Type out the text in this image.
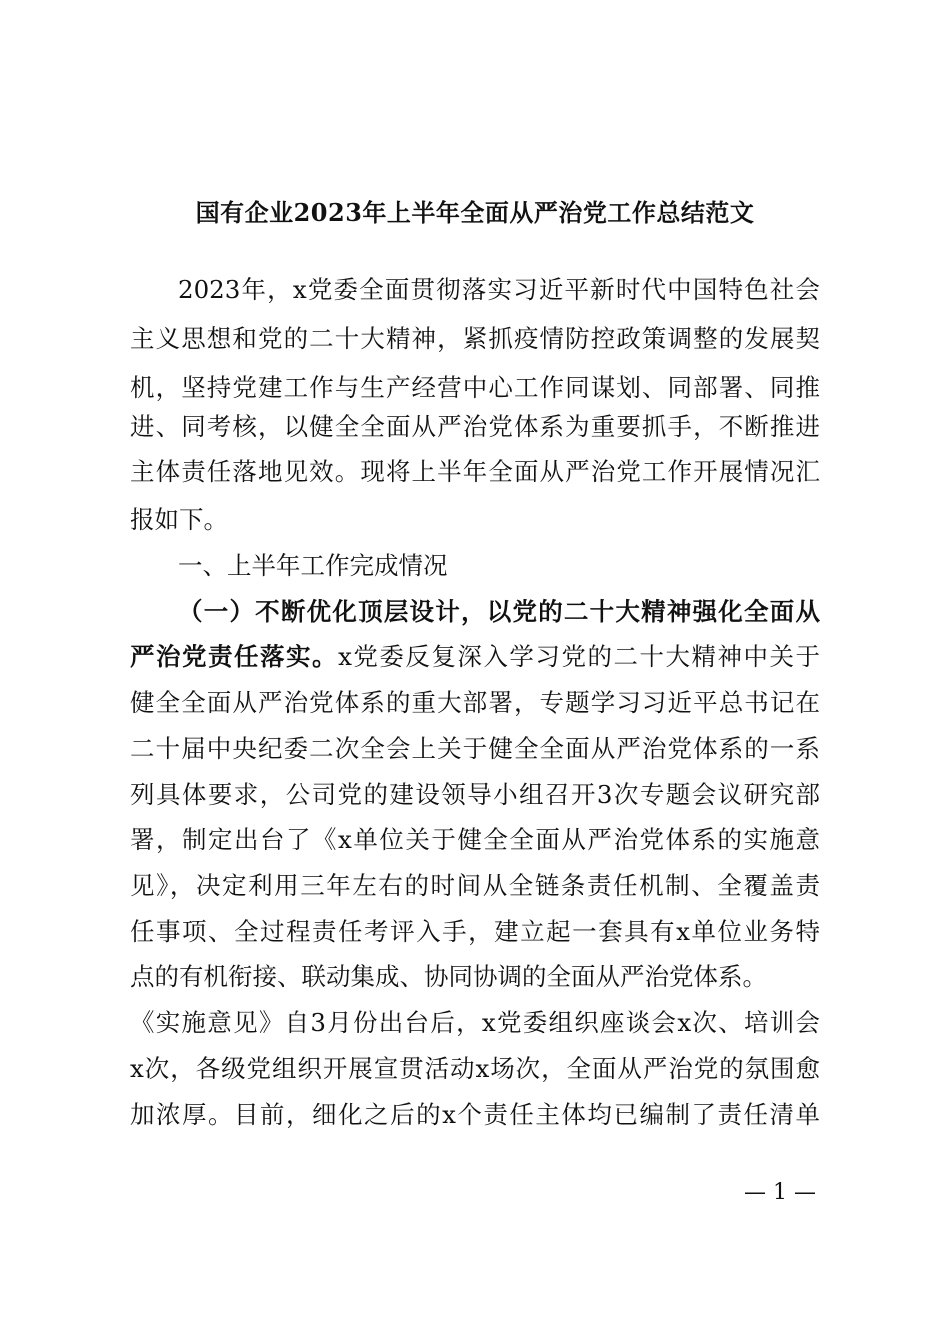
国有企业2023年上半年全面从严治党工作总结范文
2023年，x党委全面贯彻落实习近平新时代中国特色社会
主义思想和党的二十大精神，紧抓疫情防控政策调整的发展契
机，坚持党建工作与生产经营中心工作同谋划、同部署、同推
进、同考核，以健全全面从严治党体系为重要抓手，不断推进
主体责任落地见效。现将上半年全面从严治党工作开展情况汇
报如下。
一、上半年工作完成情况
（一）不断优化顶层设计，以党的二十大精神强化全面从
严治党责任落实。x党委反复深入学习党的二十大精神中关于
健全全面从严治党体系的重大部署，专题学习习近平总书记在
二十届中央纪委二次全会上关于健全全面从严治党体系的一系
列具体要求，公司党的建设领导小组召开3次专题会议研究部
署，制定出台了《x单位关于健全全面从严治党体系的实施意
见》，决定利用三年左右的时间从全链条责任机制、全覆盖责
任事项、全过程责任考评入手，建立起一套具有x单位业务特
点的有机衔接、联动集成、协同协调的全面从严治党体系。
《实施意见》自3月份出台后，x党委组织座谈会x次、培训会
x次，各级党组织开展宣贯活动x场次，全面从严治党的氛围愈
加浓厚。目前，细化之后的x个责任主体均已编制了责任清单
— 1 —
